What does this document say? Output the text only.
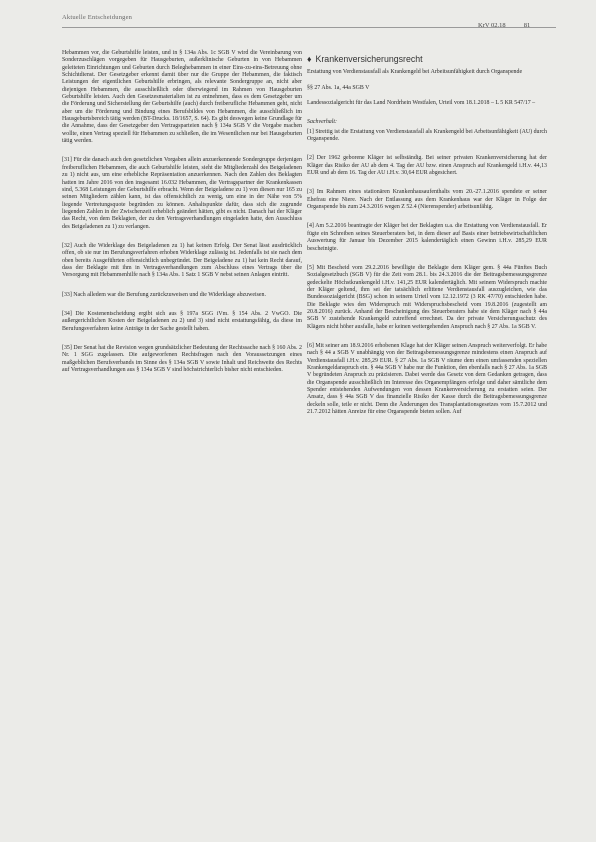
Aktuelle Entscheidungen
KrV 02.18	81

Hebammen vor, die Geburtshilfe leisten, und in § 134a Abs. 1c SGB V wird die Vereinbarung von Sonderzuschlägen vorgegeben für Hausgeburten, außerklinische Geburten in von Hebammen geleiteten Einrichtungen und Geburten durch Beleghebammen in einer Eins-zu-eins-Betreuung ohne Schichtdienst. Der Gesetzgeber erkennt damit über nur die Gruppe der Hebammen, die faktisch Leistungen der eigentlichen Geburtshilfe erbringen, als relevante Sondergruppe an, nicht aber diejenigen Hebammen, die ausschließlich oder überwiegend im Rahmen von Hausgeburten Geburtshilfe leisten. Auch den Gesetzesmaterialien ist zu entnehmen, dass es dem Gesetzgeber um die Förderung und Sicherstellung der Geburtshilfe (auch) durch freiberufliche Hebammen geht, nicht aber um die Förderung und Bindung eines Berufsbildes von Hebammen, die ausschließlich im Hausgeburtsbereich tätig werden (BT-Drucks. 18/1657, S. 64). Es gibt deswegen keine Grundlage für die Annahme, dass der Gesetzgeber den Vertragsparteien nach § 134a SGB V die Vorgabe machen wollte, einen Vertrag speziell für Hebammen zu schließen, die im Wesentlichen nur bei Hausgeburten tätig werden.

[31] Für die danach auch den gesetzlichen Vorgaben allein anzuerkennende Sondergruppe derjenigen freiberuflichen Hebammen, die auch Geburtshilfe leisten, sieht die Mitgliederzahl des Beigeladenen zu 1) nicht aus, um eine erhebliche Repräsentation anzuerkennen. Nach den Zahlen des Beklagten hatten im Jahre 2016 von den insgesamt 16.032 Hebammen, die Vertragspartner der Krankenkassen sind, 5.368 Leistungen der Geburtshilfe erbracht. Wenn der Beigeladene zu 1) von diesen nur 165 zu seinen Mitgliedern zählen kann, ist das offensichtlich zu wenig, um eine in der Nähe von 5% liegende Vertretungsquote begründen zu können. Anhaltspunkte dafür, dass sich die zugrunde liegenden Zahlen in der Zwischenzeit erheblich geändert hätten, gibt es nicht. Danach hat der Kläger das Recht, von dem Beklagten, der zu den Vertragsverhandlungen eingeladen hatte, den Ausschluss des Beigeladenen zu 1) zu verlangen.

[32] Auch die Widerklage des Beigeladenen zu 1) hat keinen Erfolg. Der Senat lässt ausdrücklich offen, ob sie nur im Berufungsverfahren erhoben Widerklage zulässig ist. Jedenfalls ist sie nach dem oben bereits Ausgeführten offensichtlich unbegründet. Der Beigeladene zu 1) hat kein Recht darauf, dass der Beklagte mit ihm in Vertragsverhandlungen zum Abschluss eines Vertrags über die Versorgung mit Hebammenhilfe nach § 134a Abs. 1 Satz 1 SGB V nebst seinen Anlagen eintritt.

[33] Nach alledem war die Berufung zurückzuweisen und die Widerklage abzuweisen.

[34] Die Kostenentscheidung ergibt sich aus § 197a SGG iVm. § 154 Abs. 2 VwGO. Die außergerichtlichen Kosten der Beigeladenen zu 2) und 3) sind nicht erstattungsfähig, da diese im Berufungsverfahren keine Anträge in der Sache gestellt haben.

[35] Der Senat hat die Revision wegen grundsätzlicher Bedeutung der Rechtssache nach § 160 Abs. 2 Nr. 1 SGG zugelassen. Die aufgeworfenen Rechtsfragen nach den Voraussetzungen eines maßgeblichen Berufsverbands im Sinne des § 134a SGB V sowie Inhalt und Reichweite des Rechts auf Vertragsverhandlungen aus § 134a SGB V sind höchstrichterlich bisher nicht entschieden.

♦ Krankenversicherungsrecht

Erstattung von Verdienstausfall als Krankengeld bei Arbeitsunfähigkeit durch Organspende

§§ 27 Abs. 1a, 44a SGB V

Landessozialgericht für das Land Nordrhein Westfalen, Urteil vom 18.1.2018 – L 5 KR 547/17 –

Sachverhalt:

[1] Streitig ist die Erstattung von Verdienstausfall als Krankengeld bei Arbeitsunfähigkeit (AU) durch Organspende.

[2] Der 1962 geborene Kläger ist selbständig. Bei seiner privaten Krankenversicherung hat der Kläger das Risiko der AU ab dem 4. Tag der AU bzw. einen Anspruch auf Krankengeld i.H.v. 44,13 EUR und ab dem 16. Tag der AU i.H.v. 30,64 EUR abgesichert.

[3] Im Rahmen eines stationären Krankenhausaufenthalts vom 20.-27.1.2016 spendete er seiner Ehefrau eine Niere. Nach der Entlassung aus dem Krankenhaus war der Kläger in Folge der Organspende bis zum 24.3.2016 wegen Z 52.4 (Nierenspender) arbeitsunfähig.

[4] Am 5.2.2016 beantragte der Kläger bei der Beklagten u.a. die Erstattung von Verdienstausfall. Er fügte ein Schreiben seines Steuerberaters bei, in dem dieser auf Basis einer betriebswirtschaftlichen Auswertung für Januar bis Dezember 2015 kalendertäglich einen Gewinn i.H.v. 285,29 EUR bescheinigte.

[5] Mit Bescheid vom 29.2.2016 bewilligte die Beklagte dem Kläger gem. § 44a Fünftes Buch Sozialgesetzbuch (SGB V) für die Zeit vom 28.1. bis 24.3.2016 die der Beitragsbemessungsgrenze gedeckelte Höchstkrankengeld i.H.v. 141,25 EUR kalendertäglich. Mit seinem Widerspruch machte der Kläger geltend, ihm sei der tatsächlich erlittene Verdienstausfall auszugleichen, wie das Bundessozialgericht (BSG) schon in seinem Urteil vom 12.12.1972 (3 RK 47/70) entschieden habe. Die Beklagte wies den Widerspruch mit Widerspruchsbescheid vom 19.8.2016 (zugestellt am 20.8.2016) zurück. Anhand der Bescheinigung des Steuerberaters habe sie dem Kläger nach § 44a SGB V zustehende Krankengeld zutreffend errechnet. Da der private Versicherungsschutz des Klägers nicht höher ausfalle, habe er keinen weitergehenden Anspruch nach § 27 Abs. 1a SGB V.

[6] Mit seiner am 18.9.2016 erhobenen Klage hat der Kläger seinen Anspruch weiterverfolgt. Er habe nach § 44 a SGB V unabhängig von der Beitragsbemessungsgrenze mindestens einen Anspruch auf Verdienstausfall i.H.v. 285,29 EUR. § 27 Abs. 1a SGB V räume dem einen umfassenden speziellen Krankengeldanspruch ein. § 44a SGB V habe nur die Funktion, den ebenfalls nach § 27 Abs. 1a SGB V begründeten Anspruch zu präzisieren. Dabei werde das Gesetz von dem Gedanken getragen, dass die Organspende ausschließlich im Interesse des Organempfängers erfolge und daher sämtliche dem Spender entstehenden Aufwendungen von dessen Krankenversicherung zu erstatten seien. Der Ansatz, dass § 44a SGB V das finanzielle Risiko der Kasse durch die Beitragsbemessungsgrenze deckeln solle, teile er nicht. Denn die Änderungen des Transplantationsgesetzes vom 15.7.2012 und 21.7.2012 hätten Anreize für eine Organspende bieten sollen. Auf
